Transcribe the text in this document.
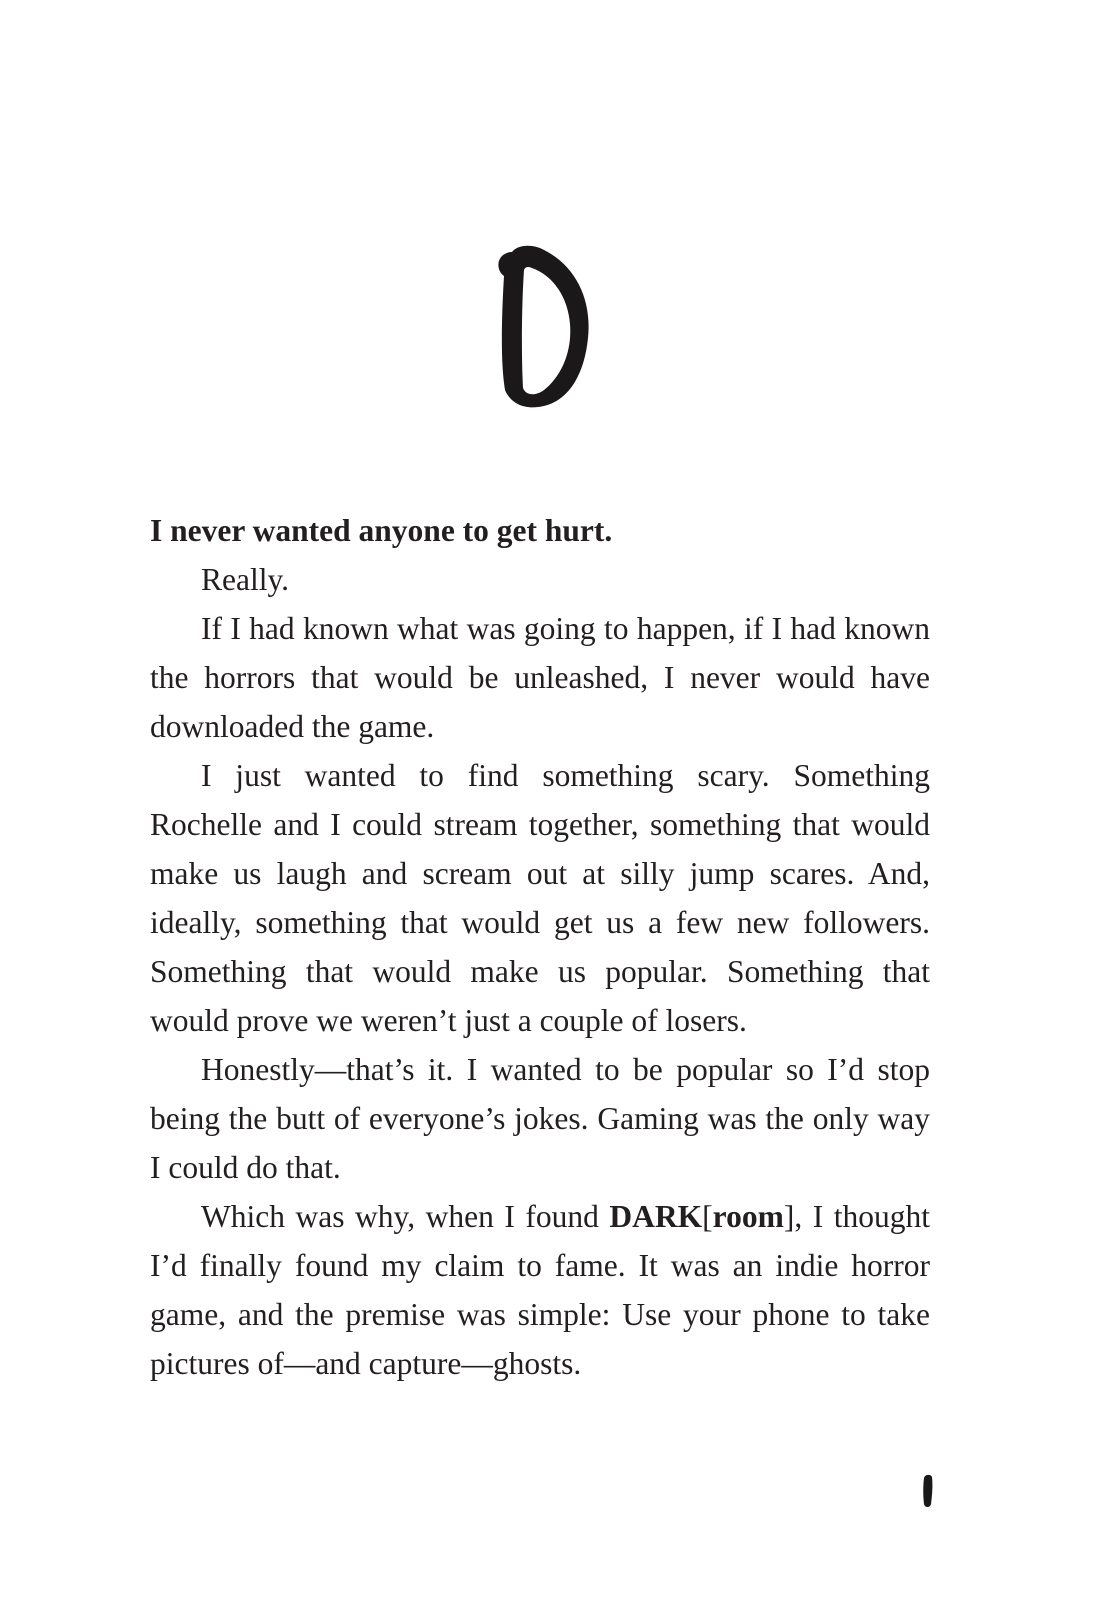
I never wanted anyone to get hurt.

Really.

If I had known what was going to happen, if I had known the horrors that would be unleashed, I never would have downloaded the game.

I just wanted to find something scary. Something Rochelle and I could stream together, something that would make us laugh and scream out at silly jump scares. And, ideally, something that would get us a few new followers. Something that would make us popular. Something that would prove we weren’t just a couple of losers.

Honestly—that’s it. I wanted to be popular so I’d stop being the butt of everyone’s jokes. Gaming was the only way I could do that.

Which was why, when I found DARK[room], I thought I’d finally found my claim to fame. It was an indie horror game, and the premise was simple: Use your phone to take pictures of—and capture—ghosts.
